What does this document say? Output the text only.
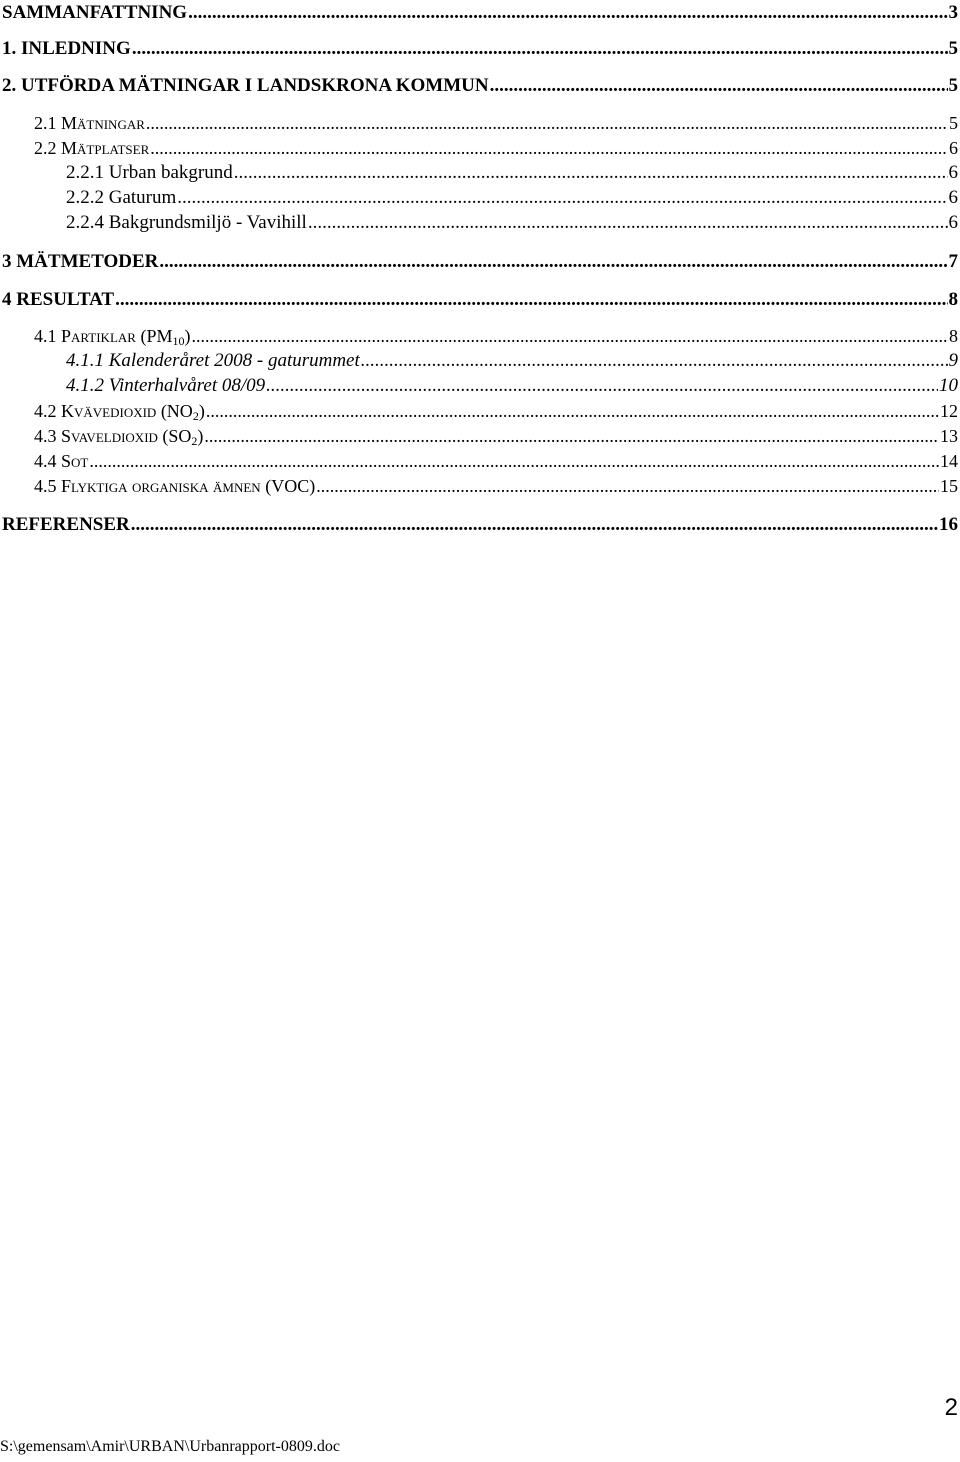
SAMMANFATTNING .....	3
1. INLEDNING .....	5
2. UTFÖRDA MÄTNINGAR I LANDSKRONA KOMMUN .....	5
2.1 Mätningar .....	5
2.2 Mätplatser .....	6
2.2.1 Urban bakgrund .....	6
2.2.2 Gaturum .....	6
2.2.4 Bakgrundsmiljö - Vavihill .....	6
3 MÄTMETODER .....	7
4 RESULTAT .....	8
4.1 Partiklar $(PM_{10})$ .....	8
4.1.1 Kalenderåret 2008 - gaturummet .....	9
4.1.2 Vinterhalvåret 08/09 .....	10
4.2 Kvävedioxid $(NO_2)$ .....	12
4.3 Svaveldioxid $(SO_2)$ .....	13
4.4 Sot .....	14
4.5 Flyktiga organiska ämnen (VOC) .....	15
REFERENSER .....	16
2
S:\gemensam\Amir\URBAN\Urbanrapport-0809.doc
